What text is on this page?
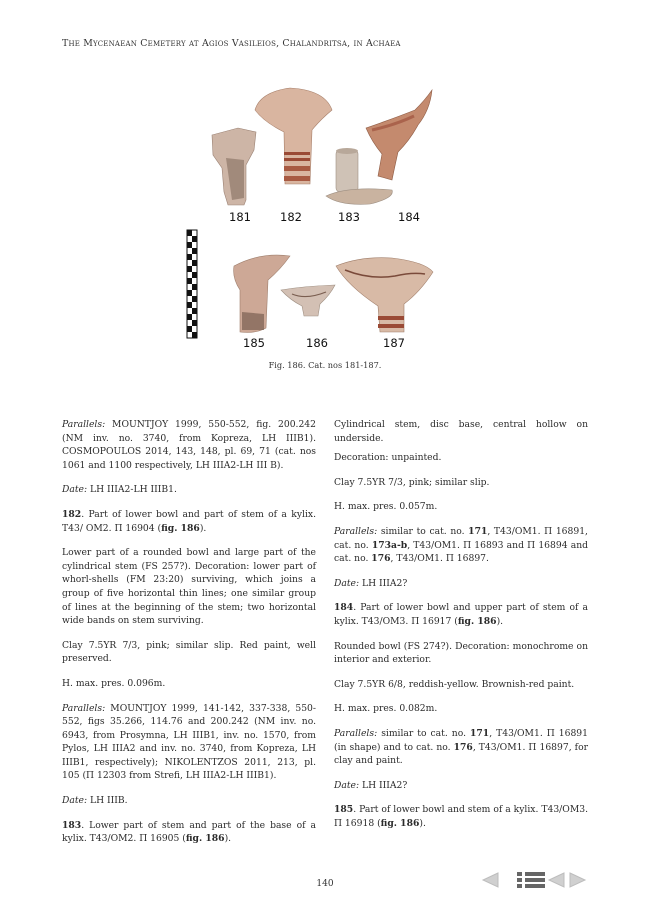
The Mycenaean Cemetery at Agios Vasileios, Chalandritsa, in Achaea
181	182	183	184
185	186	187
Fig. 186. Cat. nos 181-187.

Parallels: MOUNTJOY 1999, 550-552, fig. 200.242 (NM inv. no. 3740, from Kopreza, LH IIIB1). COSMOPOULOS 2014, 143, 148, pl. 69, 71 (cat. nos 1061 and 1100 respectively, LH IIIA2-LH III B).

Date: LH IIIA2-LH IIIB1.

182. Part of lower bowl and part of stem of a kylix. T43/ OM2. Π 16904 (fig. 186).

Lower part of a rounded bowl and large part of the cylindrical stem (FS 257?). Decoration: lower part of whorl-shells (FM 23:20) surviving, which joins a group of five horizontal thin lines; one similar group of lines at the beginning of the stem; two horizontal wide bands on stem surviving.

Clay 7.5YR 7/3, pink; similar slip. Red paint, well preserved.

H. max. pres. 0.096m.

Parallels: MOUNTJOY 1999, 141-142, 337-338, 550-552, figs 35.266, 114.76 and 200.242 (NM inv. no. 6943, from Prosymna, LH IIIB1, inv. no. 1570, from Pylos, LH IIIA2 and inv. no. 3740, from Kopreza, LH IIIB1, respectively); NIKOLENTZOS 2011, 213, pl. 105 (Π 12303 from Strefi, LH IIIA2-LH IIIB1).

Date: LH IIIB.

183. Lower part of stem and part of the base of a kylix. T43/OM2. Π 16905 (fig. 186).

Cylindrical stem, disc base, central hollow on underside.

Decoration: unpainted.

Clay 7.5YR 7/3, pink; similar slip.

H. max. pres. 0.057m.

Parallels: similar to cat. no. 171, T43/OM1. Π 16891, cat. no. 173a-b, T43/OM1. Π 16893 and Π 16894 and cat. no. 176, T43/OM1. Π 16897.

Date: LH IIIA2?

184. Part of lower bowl and upper part of stem of a kylix. T43/OM3. Π 16917 (fig. 186).

Rounded bowl (FS 274?). Decoration: monochrome on interior and exterior.

Clay 7.5YR 6/8, reddish-yellow. Brownish-red paint.

H. max. pres. 0.082m.

Parallels: similar to cat. no. 171, T43/OM1. Π 16891 (in shape) and to cat. no. 176, T43/OM1. Π 16897, for clay and paint.

Date: LH IIIA2?

185. Part of lower bowl and stem of a kylix. T43/OM3. Π 16918 (fig. 186).

140
